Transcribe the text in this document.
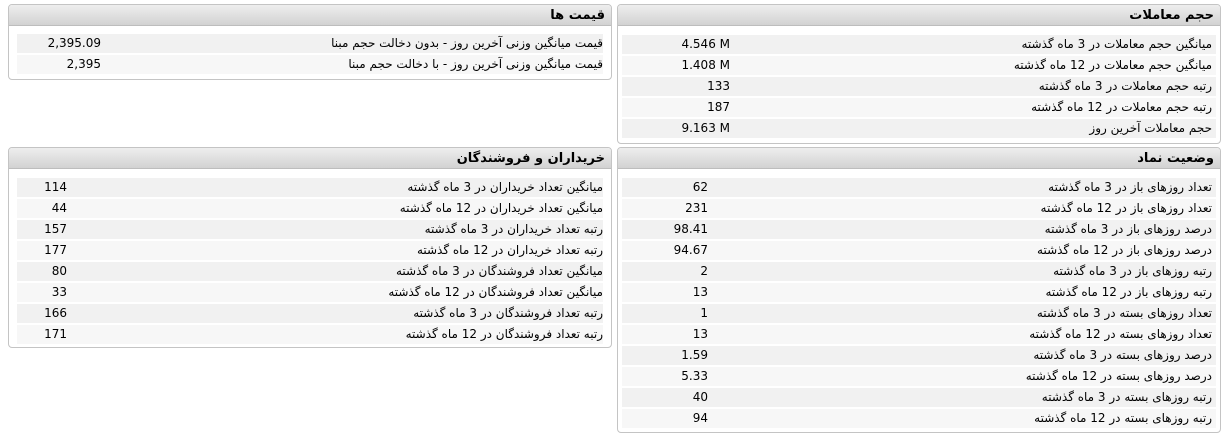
قیمت ها
قیمت میانگین وزنی آخرین روز - بدون دخالت حجم مبنا
2,395.09
قیمت میانگین وزنی آخرین روز - با دخالت حجم مبنا
2,395
حجم معاملات
میانگین حجم معاملات در 3 ماه گذشته
4.546 M
میانگین حجم معاملات در 12 ماه گذشته
1.408 M
رتبه حجم معاملات در 3 ماه گذشته
133
رتبه حجم معاملات در 12 ماه گذشته
187
حجم معاملات آخرین روز
9.163 M
خریداران و فروشندگان
میانگین تعداد خریداران در 3 ماه گذشته
114
میانگین تعداد خریداران در 12 ماه گذشته
44
رتبه تعداد خریداران در 3 ماه گذشته
157
رتبه تعداد خریداران در 12 ماه گذشته
177
میانگین تعداد فروشندگان در 3 ماه گذشته
80
میانگین تعداد فروشندگان در 12 ماه گذشته
33
رتبه تعداد فروشندگان در 3 ماه گذشته
166
رتبه تعداد فروشندگان در 12 ماه گذشته
171
وضعیت نماد
تعداد روزهای باز در 3 ماه گذشته
62
تعداد روزهای باز در 12 ماه گذشته
231
درصد روزهای باز در 3 ماه گذشته
98.41
درصد روزهای باز در 12 ماه گذشته
94.67
رتبه روزهای باز در 3 ماه گذشته
2
رتبه روزهای باز در 12 ماه گذشته
13
تعداد روزهای بسته در 3 ماه گذشته
1
تعداد روزهای بسته در 12 ماه گذشته
13
درصد روزهای بسته در 3 ماه گذشته
1.59
درصد روزهای بسته در 12 ماه گذشته
5.33
رتبه روزهای بسته در 3 ماه گذشته
40
رتبه روزهای بسته در 12 ماه گذشته
94
